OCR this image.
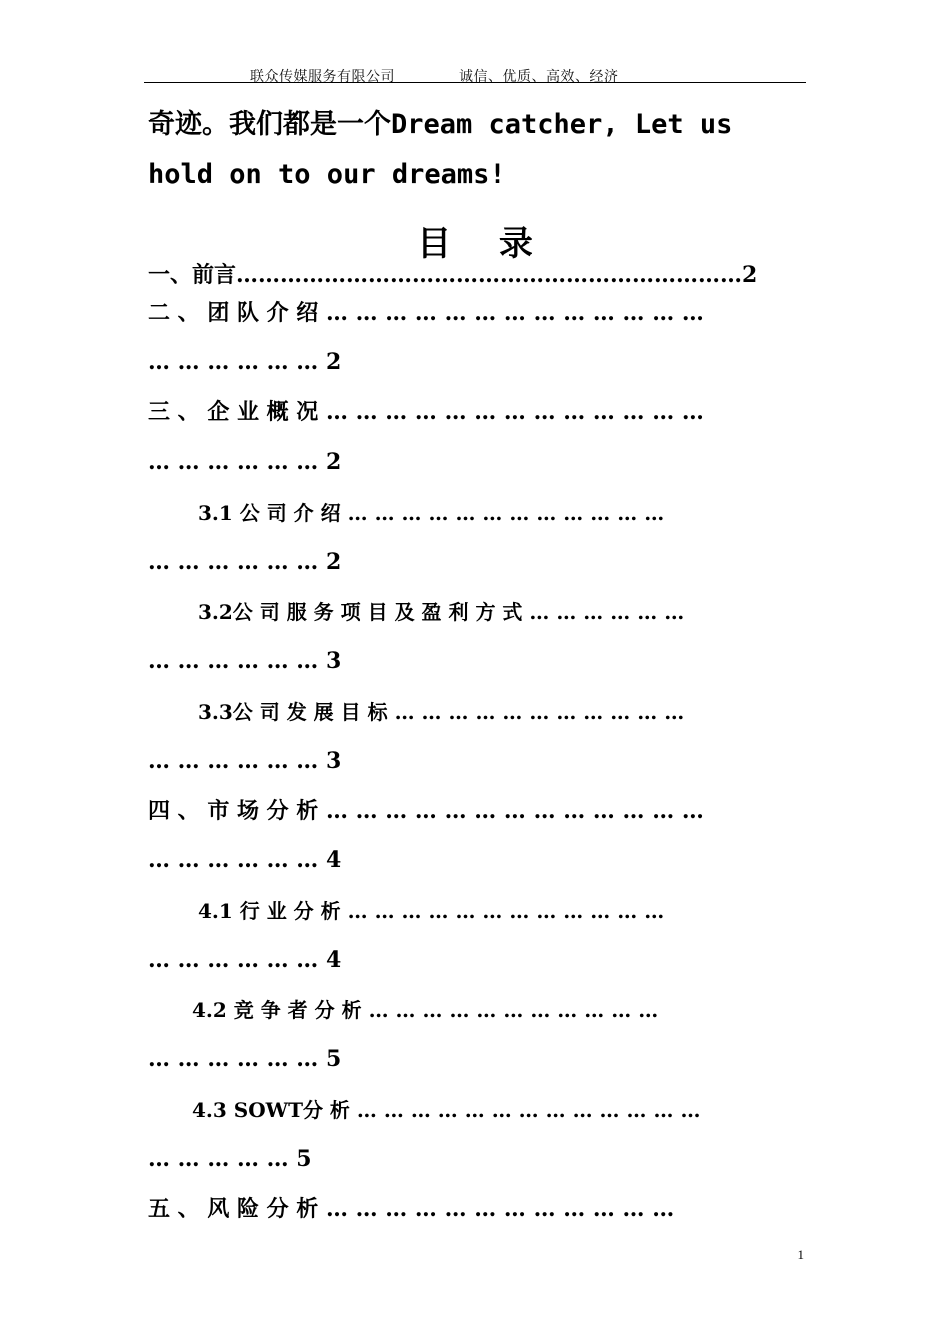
联众传媒服务有限公司	诚信、优质、高效、经济
奇迹。我们都是一个Dream catcher, Let us
hold on to our dreams!
目 录
一、前言……………………………………………………………2
二 、 团 队 介 绍 … … … … … … … … … … … … …
… … … … … … 2
三 、 企 业 概 况 … … … … … … … … … … … … …
… … … … … … 2
3.1 公 司 介 绍 … … … … … … … … … … … …
… … … … … … 2
3.2公 司 服 务 项 目 及 盈 利 方 式 … … … … … …
… … … … … … 3
3.3公 司 发 展 目 标 … … … … … … … … … … …
… … … … … … 3
四 、 市 场 分 析 … … … … … … … … … … … … …
… … … … … … 4
4.1 行 业 分 析 … … … … … … … … … … … …
… … … … … … 4
4.2 竞 争 者 分 析 … … … … … … … … … … …
… … … … … … 5
4.3 SOWT分 析 … … … … … … … … … … … … …
… … … … … 5
五 、 风 险 分 析 … … … … … … … … … … … …
1
